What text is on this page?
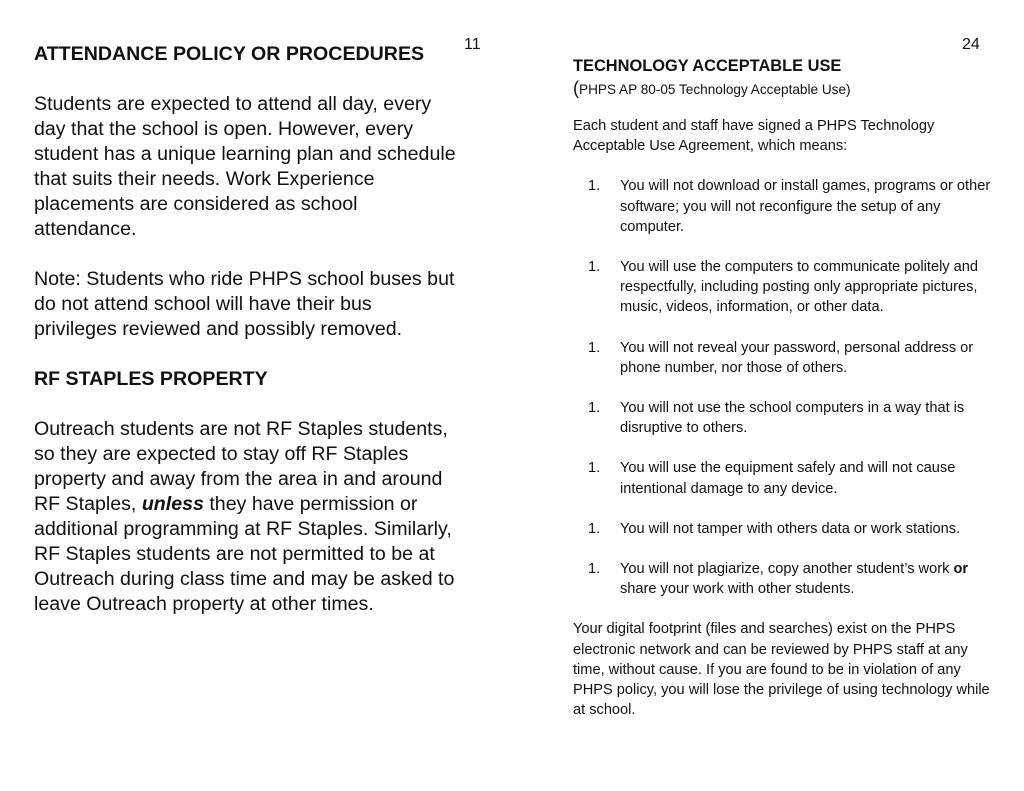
11	24

ATTENDANCE POLICY OR PROCEDURES

Students are expected to attend all day, every day that the school is open. However, every student has a unique learning plan and schedule that suits their needs. Work Experience placements are considered as school attendance.

Note: Students who ride PHPS school buses but do not attend school will have their bus privileges reviewed and possibly removed.

RF STAPLES PROPERTY

Outreach students are not RF Staples students, so they are expected to stay off RF Staples property and away from the area in and around RF Staples, unless they have permission or additional programming at RF Staples. Similarly, RF Staples students are not permitted to be at Outreach during class time and may be asked to leave Outreach property at other times.

TECHNOLOGY ACCEPTABLE USE

(PHPS AP 80-05 Technology Acceptable Use)

Each student and staff have signed a PHPS Technology Acceptable Use Agreement, which means:

1. You will not download or install games, programs or other software; you will not reconfigure the setup of any computer.
1. You will use the computers to communicate politely and respectfully, including posting only appropriate pictures, music, videos, information, or other data.
1. You will not reveal your password, personal address or phone number, nor those of others.
1. You will not use the school computers in a way that is disruptive to others.
1. You will use the equipment safely and will not cause intentional damage to any device.
1. You will not tamper with others data or work stations.
1. You will not plagiarize, copy another student’s work or share your work with other students.

Your digital footprint (files and searches) exist on the PHPS electronic network and can be reviewed by PHPS staff at any time, without cause. If you are found to be in violation of any PHPS policy, you will lose the privilege of using technology while at school.
